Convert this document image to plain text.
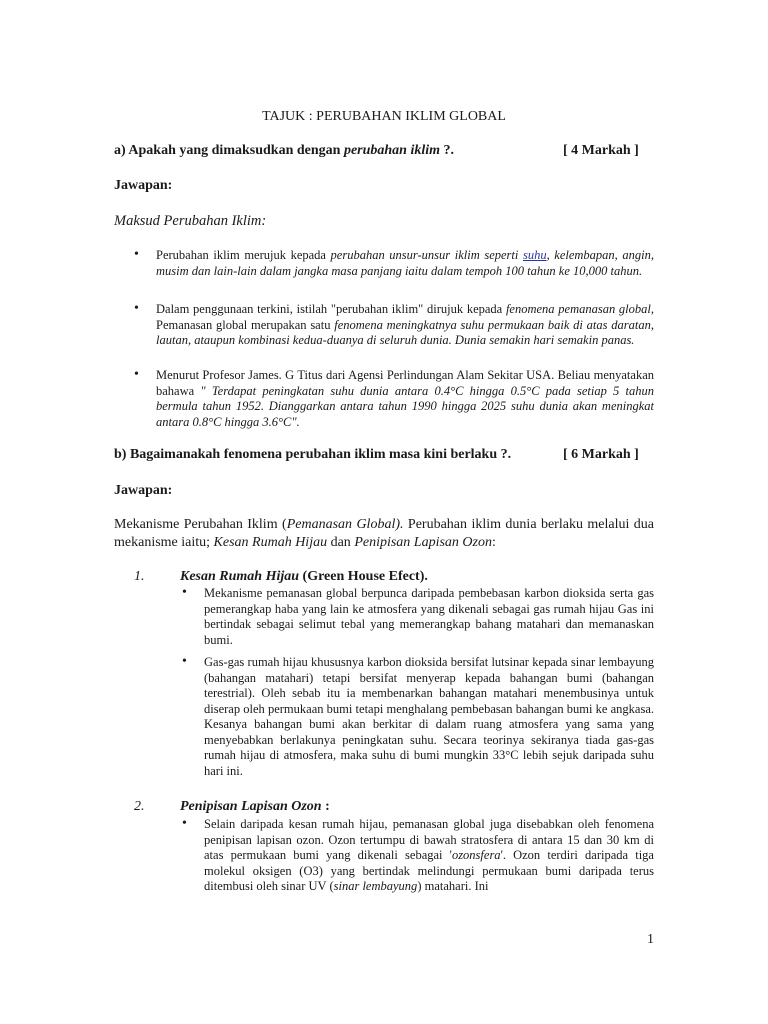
TAJUK : PERUBAHAN IKLIM GLOBAL
a) Apakah yang dimaksudkan dengan perubahan iklim ?.	[ 4 Markah ]
Jawapan:
Maksud Perubahan Iklim:
• Perubahan iklim merujuk kepada perubahan unsur-unsur iklim seperti suhu, kelembapan, angin, musim dan lain-lain dalam jangka masa panjang iaitu dalam tempoh 100 tahun ke 10,000 tahun.
• Dalam penggunaan terkini, istilah "perubahan iklim" dirujuk kepada fenomena pemanasan global, Pemanasan global merupakan satu fenomena meningkatnya suhu permukaan baik di atas daratan, lautan, ataupun kombinasi kedua-duanya di seluruh dunia. Dunia semakin hari semakin panas.
• Menurut Profesor James. G Titus dari Agensi Perlindungan Alam Sekitar USA. Beliau menyatakan bahawa " Terdapat peningkatan suhu dunia antara 0.4°C hingga 0.5°C pada setiap 5 tahun bermula tahun 1952. Dianggarkan antara tahun 1990 hingga 2025 suhu dunia akan meningkat antara 0.8°C hingga 3.6°C".
b) Bagaimanakah fenomena perubahan iklim masa kini berlaku ?.	[ 6 Markah ]
Jawapan:
Mekanisme Perubahan Iklim (Pemanasan Global). Perubahan iklim dunia berlaku melalui dua mekanisme iaitu; Kesan Rumah Hijau dan Penipisan Lapisan Ozon:
1.	Kesan Rumah Hijau (Green House Efect).
• Mekanisme pemanasan global berpunca daripada pembebasan karbon dioksida serta gas pemerangkap haba yang lain ke atmosfera yang dikenali sebagai gas rumah hijau Gas ini bertindak sebagai selimut tebal yang memerangkap bahang matahari dan memanaskan bumi.
• Gas-gas rumah hijau khususnya karbon dioksida bersifat lutsinar kepada sinar lembayung (bahangan matahari) tetapi bersifat menyerap kepada bahangan bumi (bahangan terestrial). Oleh sebab itu ia membenarkan bahangan matahari menembusinya untuk diserap oleh permukaan bumi tetapi menghalang pembebasan bahangan bumi ke angkasa. Kesanya bahangan bumi akan berkitar di dalam ruang atmosfera yang sama yang menyebabkan berlakunya peningkatan suhu. Secara teorinya sekiranya tiada gas-gas rumah hijau di atmosfera, maka suhu di bumi mungkin 33°C lebih sejuk daripada suhu hari ini.
2.	Penipisan Lapisan Ozon :
• Selain daripada kesan rumah hijau, pemanasan global juga disebabkan oleh fenomena penipisan lapisan ozon. Ozon tertumpu di bawah stratosfera di antara 15 dan 30 km di atas permukaan bumi yang dikenali sebagai 'ozonsfera'. Ozon terdiri daripada tiga molekul oksigen (O3) yang bertindak melindungi permukaan bumi daripada terus ditembusi oleh sinar UV (sinar lembayung) matahari. Ini
1
